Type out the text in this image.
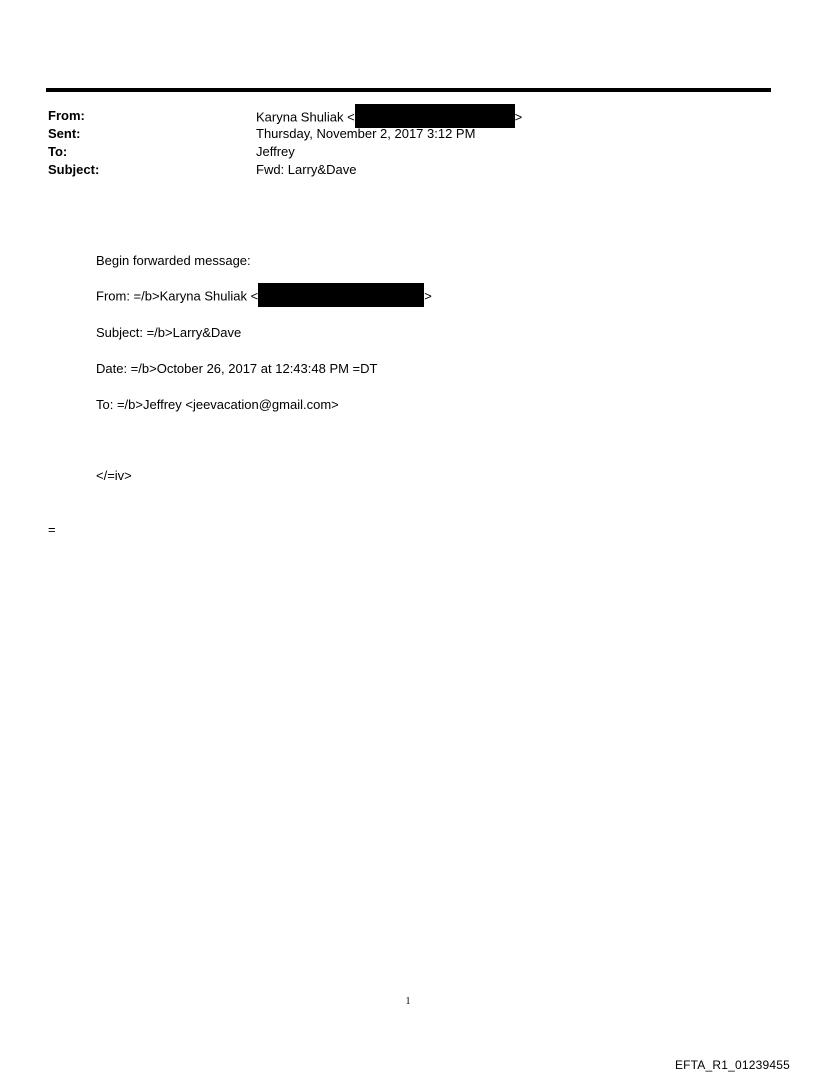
From:	Karyna Shuliak <	>
Sent:	Thursday, November 2, 2017 3:12 PM
To:	Jeffrey
Subject:	Fwd: Larry&Dave
Begin forwarded message:
From: =/b>Karyna Shuliak <	>
Subject: =/b>Larry&Dave
Date: =/b>October 26, 2017 at 12:43:48 PM =DT
To: =/b>Jeffrey <jeevacation@gmail.com>
</=iv>
=
1
EFTA_R1_01239455
